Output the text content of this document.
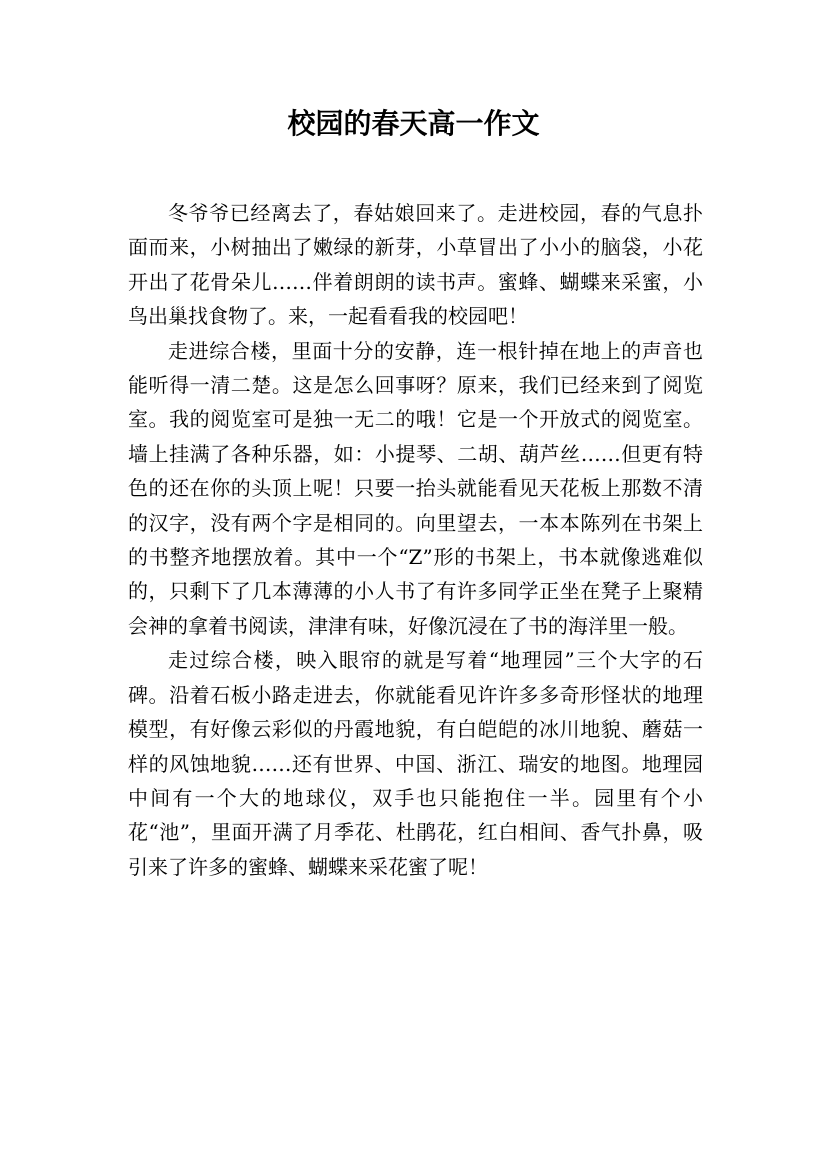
校园的春天高一作文

冬爷爷已经离去了，春姑娘回来了。走进校园，春的气息扑面而来，小树抽出了嫩绿的新芽，小草冒出了小小的脑袋，小花开出了花骨朵儿……伴着朗朗的读书声。蜜蜂、蝴蝶来采蜜，小鸟出巢找食物了。来，一起看看我的校园吧！

走进综合楼，里面十分的安静，连一根针掉在地上的声音也能听得一清二楚。这是怎么回事呀？原来，我们已经来到了阅览室。我的阅览室可是独一无二的哦！它是一个开放式的阅览室。墙上挂满了各种乐器，如：小提琴、二胡、葫芦丝……但更有特色的还在你的头顶上呢！只要一抬头就能看见天花板上那数不清的汉字，没有两个字是相同的。向里望去，一本本陈列在书架上的书整齐地摆放着。其中一个“Z”形的书架上，书本就像逃难似的，只剩下了几本薄薄的小人书了有许多同学正坐在凳子上聚精会神的拿着书阅读，津津有味，好像沉浸在了书的海洋里一般。

走过综合楼，映入眼帘的就是写着“地理园”三个大字的石碑。沿着石板小路走进去，你就能看见许许多多奇形怪状的地理模型，有好像云彩似的丹霞地貌，有白皑皑的冰川地貌、蘑菇一样的风蚀地貌……还有世界、中国、浙江、瑞安的地图。地理园中间有一个大的地球仪，双手也只能抱住一半。园里有个小花“池”，里面开满了月季花、杜鹃花，红白相间、香气扑鼻，吸引来了许多的蜜蜂、蝴蝶来采花蜜了呢！
